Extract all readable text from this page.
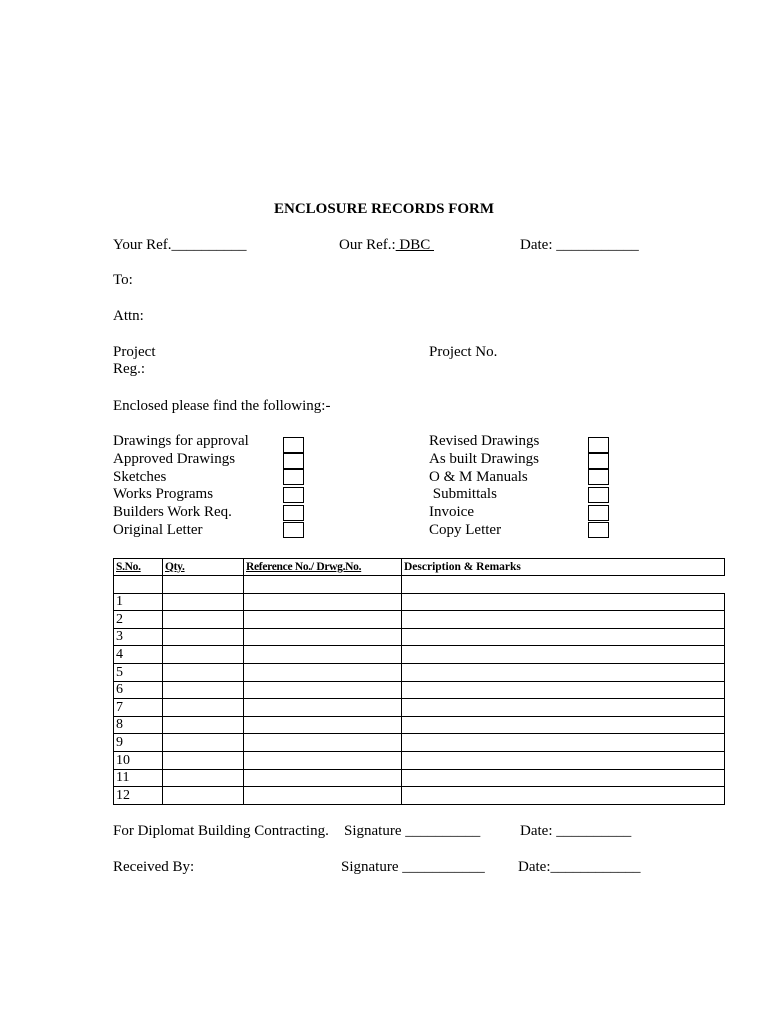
ENCLOSURE RECORDS FORM
Your Ref.__________	Our Ref.: DBC	Date: ___________
To:
Attn:
Project
Reg.:
Project No.
Enclosed please find the following:-
Drawings for approval
Approved Drawings
Sketches
Works Programs
Builders Work Req.
Original Letter
Revised Drawings
As built Drawings
O & M Manuals
Submittals
Invoice
Copy Letter
S.No.	Qty.	Reference No./ Drwg.No.	Description & Remarks

1			
2			
3			
4			
5			
6			
7			
8			
9			
10			
11			
12			
For Diplomat Building Contracting. Signature __________	Date: __________
Received By:	Signature ___________ Date:____________
